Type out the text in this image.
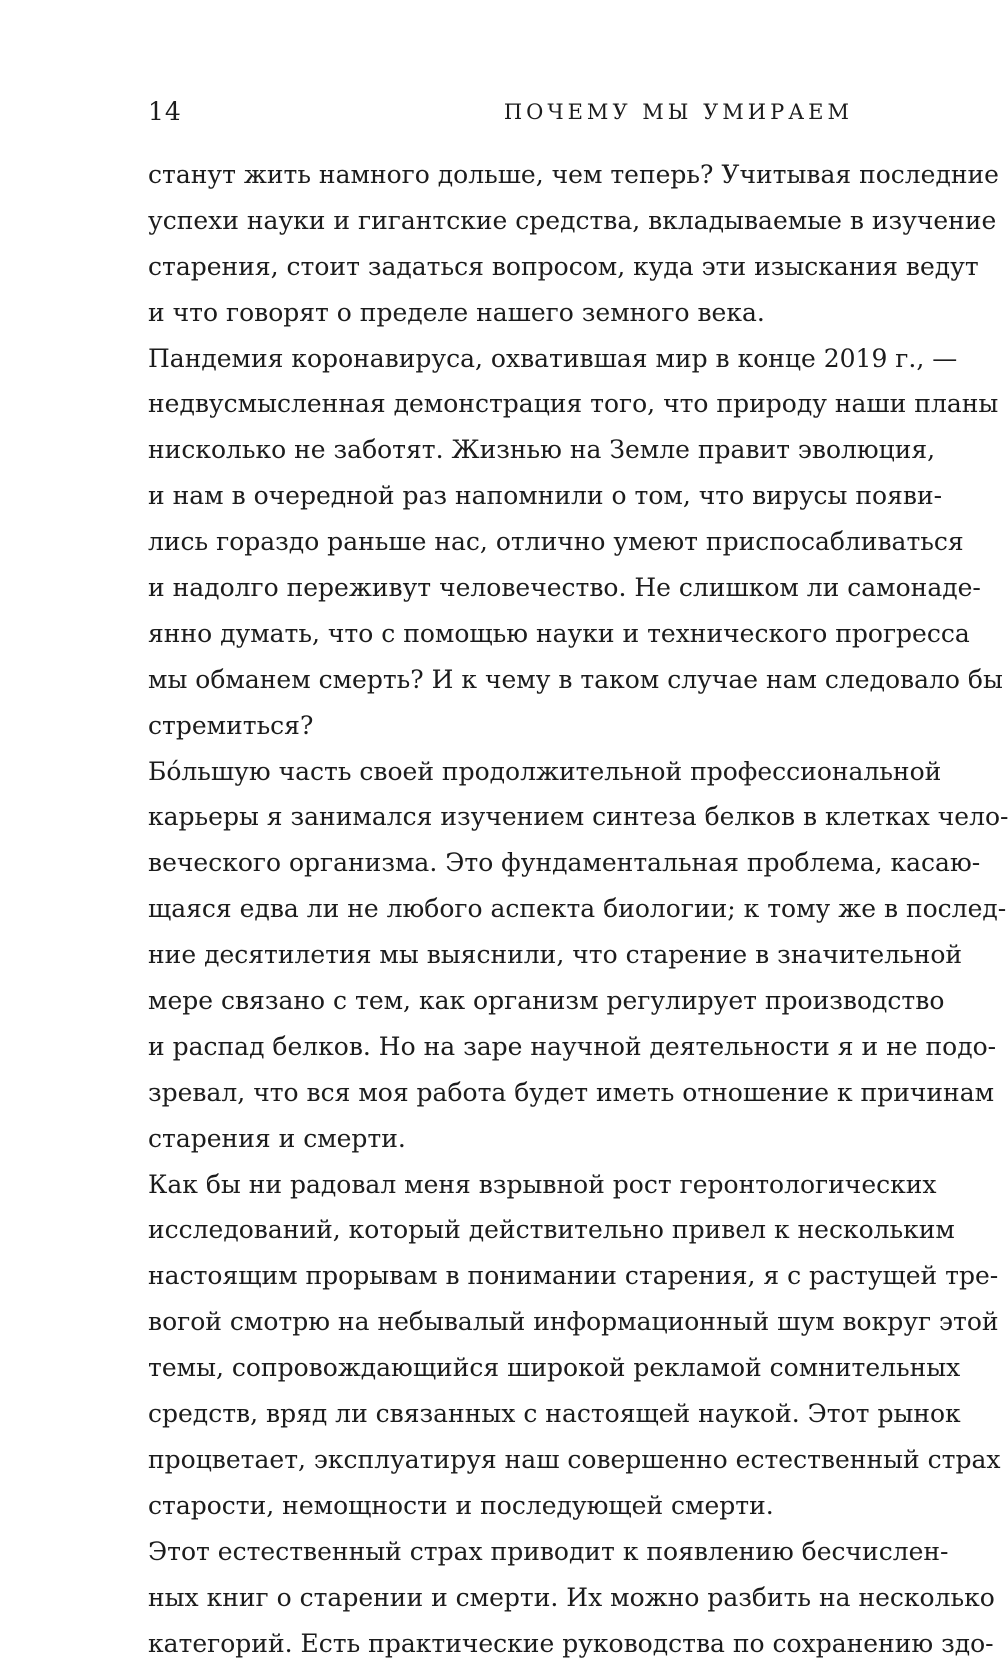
14	ПОЧЕМУ МЫ УМИРАЕМ
станут жить намного дольше, чем теперь? Учитывая последние
успехи науки и гигантские средства, вкладываемые в изучение
старения, стоит задаться вопросом, куда эти изыскания ведут
и что говорят о пределе нашего земного века.
Пандемия коронавируса, охватившая мир в конце 2019 г., —
недвусмысленная демонстрация того, что природу наши планы
нисколько не заботят. Жизнью на Земле правит эволюция,
и нам в очередной раз напомнили о том, что вирусы появи-
лись гораздо раньше нас, отлично умеют приспосабливаться
и надолго переживут человечество. Не слишком ли самонаде-
янно думать, что с помощью науки и технического прогресса
мы обманем смерть? И к чему в таком случае нам следовало бы
стремиться?
Бо́льшую часть своей продолжительной профессиональной
карьеры я занимался изучением синтеза белков в клетках чело-
веческого организма. Это фундаментальная проблема, касаю-
щаяся едва ли не любого аспекта биологии; к тому же в послед-
ние десятилетия мы выяснили, что старение в значительной
мере связано с тем, как организм регулирует производство
и распад белков. Но на заре научной деятельности я и не подо-
зревал, что вся моя работа будет иметь отношение к причинам
старения и смерти.
Как бы ни радовал меня взрывной рост геронтологических
исследований, который действительно привел к нескольким
настоящим прорывам в понимании старения, я с растущей тре-
вогой смотрю на небывалый информационный шум вокруг этой
темы, сопровождающийся широкой рекламой сомнительных
средств, вряд ли связанных с настоящей наукой. Этот рынок
процветает, эксплуатируя наш совершенно естественный страх
старости, немощности и последующей смерти.
Этот естественный страх приводит к появлению бесчислен-
ных книг о старении и смерти. Их можно разбить на несколько
категорий. Есть практические руководства по сохранению здо-
